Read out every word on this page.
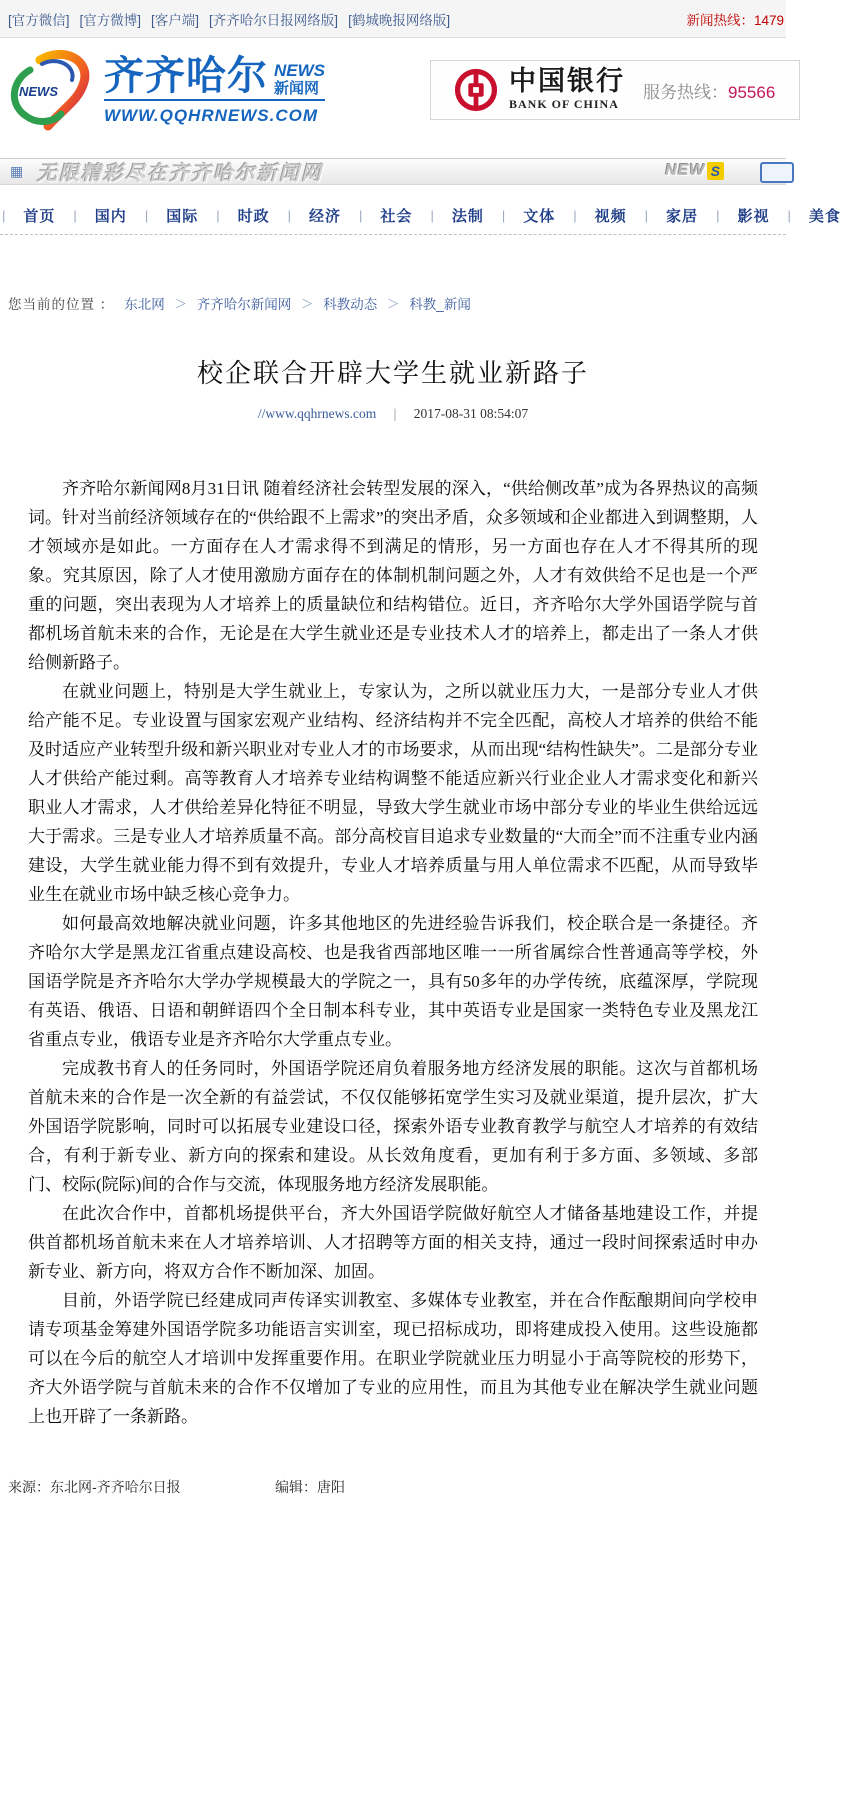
[官方微信] [官方微博] [客户端] [齐齐哈尔日报网络版] [鹤城晚报网络版]	新闻热线：1479
NEWS 齐齐哈尔 NEWS
新闻网
WWW.QQHRNEWS.COM
中国银行
BANK OF CHINA
服务热线：95566
▦ 无限精彩尽在齐齐哈尔新闻网	NEW S
|	首页	|	国内	|	国际	|	时政	|	经济	|	社会	|	法制	|	文体	|	视频	|	家居	|	影视	|	美食
您当前的位置 ： 东北网 ＞ 齐齐哈尔新闻网 ＞ 科教动态 ＞ 科教_新闻
校企联合开辟大学生就业新路子
//www.qqhrnews.com | 2017-08-31 08:54:07

齐齐哈尔新闻网8月31日讯 随着经济社会转型发展的深入，“供给侧改革”成为各界热议的高频词。针对当前经济领域存在的“供给跟不上需求”的突出矛盾，众多领域和企业都进入到调整期，人才领域亦是如此。一方面存在人才需求得不到满足的情形，另一方面也存在人才不得其所的现象。究其原因，除了人才使用激励方面存在的体制机制问题之外，人才有效供给不足也是一个严重的问题，突出表现为人才培养上的质量缺位和结构错位。近日，齐齐哈尔大学外国语学院与首都机场首航未来的合作，无论是在大学生就业还是专业技术人才的培养上，都走出了一条人才供给侧新路子。

在就业问题上，特别是大学生就业上，专家认为，之所以就业压力大，一是部分专业人才供给产能不足。专业设置与国家宏观产业结构、经济结构并不完全匹配，高校人才培养的供给不能及时适应产业转型升级和新兴职业对专业人才的市场要求，从而出现“结构性缺失”。二是部分专业人才供给产能过剩。高等教育人才培养专业结构调整不能适应新兴行业企业人才需求变化和新兴职业人才需求，人才供给差异化特征不明显，导致大学生就业市场中部分专业的毕业生供给远远大于需求。三是专业人才培养质量不高。部分高校盲目追求专业数量的“大而全”而不注重专业内涵建设，大学生就业能力得不到有效提升，专业人才培养质量与用人单位需求不匹配，从而导致毕业生在就业市场中缺乏核心竞争力。

如何最高效地解决就业问题，许多其他地区的先进经验告诉我们，校企联合是一条捷径。齐齐哈尔大学是黑龙江省重点建设高校、也是我省西部地区唯一一所省属综合性普通高等学校，外国语学院是齐齐哈尔大学办学规模最大的学院之一，具有50多年的办学传统，底蕴深厚，学院现有英语、俄语、日语和朝鲜语四个全日制本科专业，其中英语专业是国家一类特色专业及黑龙江省重点专业，俄语专业是齐齐哈尔大学重点专业。

完成教书育人的任务同时，外国语学院还肩负着服务地方经济发展的职能。这次与首都机场首航未来的合作是一次全新的有益尝试，不仅仅能够拓宽学生实习及就业渠道，提升层次，扩大外国语学院影响，同时可以拓展专业建设口径，探索外语专业教育教学与航空人才培养的有效结合，有利于新专业、新方向的探索和建设。从长效角度看，更加有利于多方面、多领域、多部门、校际(院际)间的合作与交流，体现服务地方经济发展职能。

在此次合作中，首都机场提供平台，齐大外国语学院做好航空人才储备基地建设工作，并提供首都机场首航未来在人才培养培训、人才招聘等方面的相关支持，通过一段时间探索适时申办新专业、新方向，将双方合作不断加深、加固。

目前，外语学院已经建成同声传译实训教室、多媒体专业教室，并在合作酝酿期间向学校申请专项基金筹建外国语学院多功能语言实训室，现已招标成功，即将建成投入使用。这些设施都可以在今后的航空人才培训中发挥重要作用。在职业学院就业压力明显小于高等院校的形势下，齐大外语学院与首航未来的合作不仅增加了专业的应用性，而且为其他专业在解决学生就业问题上也开辟了一条新路。

来源：东北网-齐齐哈尔日报	编辑：唐阳
